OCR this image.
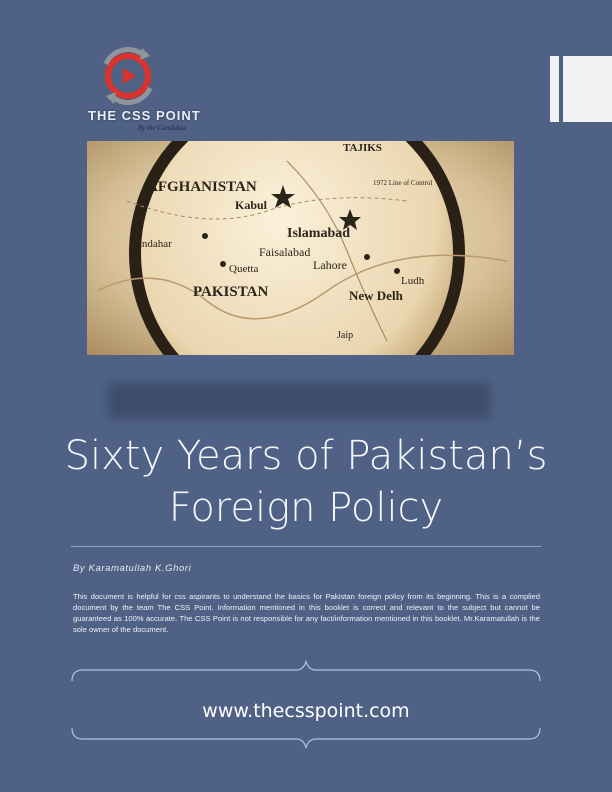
THE CSS POINT
By the Candidate
TAJIKS
AFGHANISTAN
Kabul
1972 Line of Control
Islamabad
Kandahar
Faisalabad
Quetta	Lahore
Ludh
PAKISTAN	New Delh
Jaip
Sixty Years of Pakistan’s
Foreign Policy
By Karamatullah K.Ghori
This document is helpful for css aspirants to understand the basics for Pakistan foreign policy from its beginning. This is a complied document by the team The CSS Point. Information mentioned in this booklet is correct and relevant to the subject but cannot be guaranteed as 100% accurate. The CSS Point is not responsible for any fact/information mentioned in this booklet. Mr.Karamatullah is the sole owner of the document.
www.thecsspoint.com
